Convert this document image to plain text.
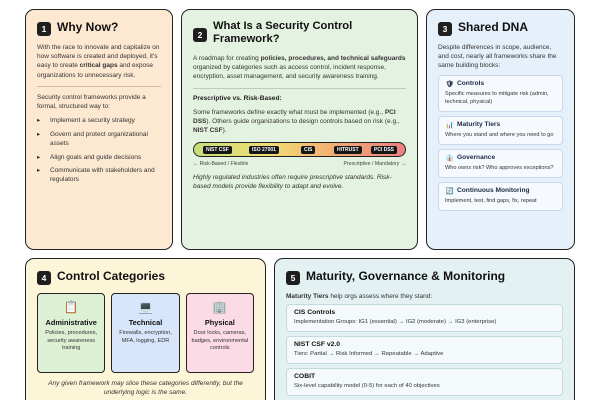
1 Why Now?

With the race to innovate and capitalize on how software is created and deployed, it's easy to create critical gaps and expose organizations to unnecessary risk.

Security control frameworks provide a formal, structured way to:

▸ Implement a security strategy
▸ Govern and protect organizational assets
▸ Align goals and guide decisions
▸ Communicate with stakeholders and regulators
2
What Is a Security Control Framework?

A roadmap for creating policies, procedures, and technical safeguards organized by categories such as access control, incident response, encryption, asset management, and security awareness training.

Prescriptive vs. Risk-Based:

Some frameworks define exactly what must be implemented (e.g., PCI DSS). Others guide organizations to design controls based on risk (e.g., NIST CSF).

NIST CSF	ISO 27001	CIS	HITRUST	PCI DSS
← Risk-Based / Flexible	Prescriptive / Mandatory →

Highly regulated industries often require prescriptive standards. Risk-based models provide flexibility to adapt and evolve.

3 Shared DNA

Despite differences in scope, audience, and cost, nearly all frameworks share the same building blocks:

🛡 Controls
Specific measures to mitigate risk (admin, technical, physical)
📊 Maturity Tiers
Where you stand and where you need to go
👔 Governance
Who owns risk? Who approves exceptions?
🔄 Continuous Monitoring
Implement, test, find gaps, fix, repeat
4 Control Categories
📋
Administrative
Policies, procedures, security awareness training
💻
Technical
Firewalls, encryption, MFA, logging, EDR
🏢
Physical
Door locks, cameras, badges, environmental controls

Any given framework may slice these categories differently, but the underlying logic is the same.

5 Maturity, Governance & Monitoring

Maturity Tiers help orgs assess where they stand:

CIS Controls
Implementation Groups: IG1 (essential) → IG2 (moderate) → IG3 (enterprise)
NIST CSF v2.0
Tiers: Partial → Risk Informed → Repeatable → Adaptive
COBIT
Six-level capability model (0-5) for each of 40 objectives
